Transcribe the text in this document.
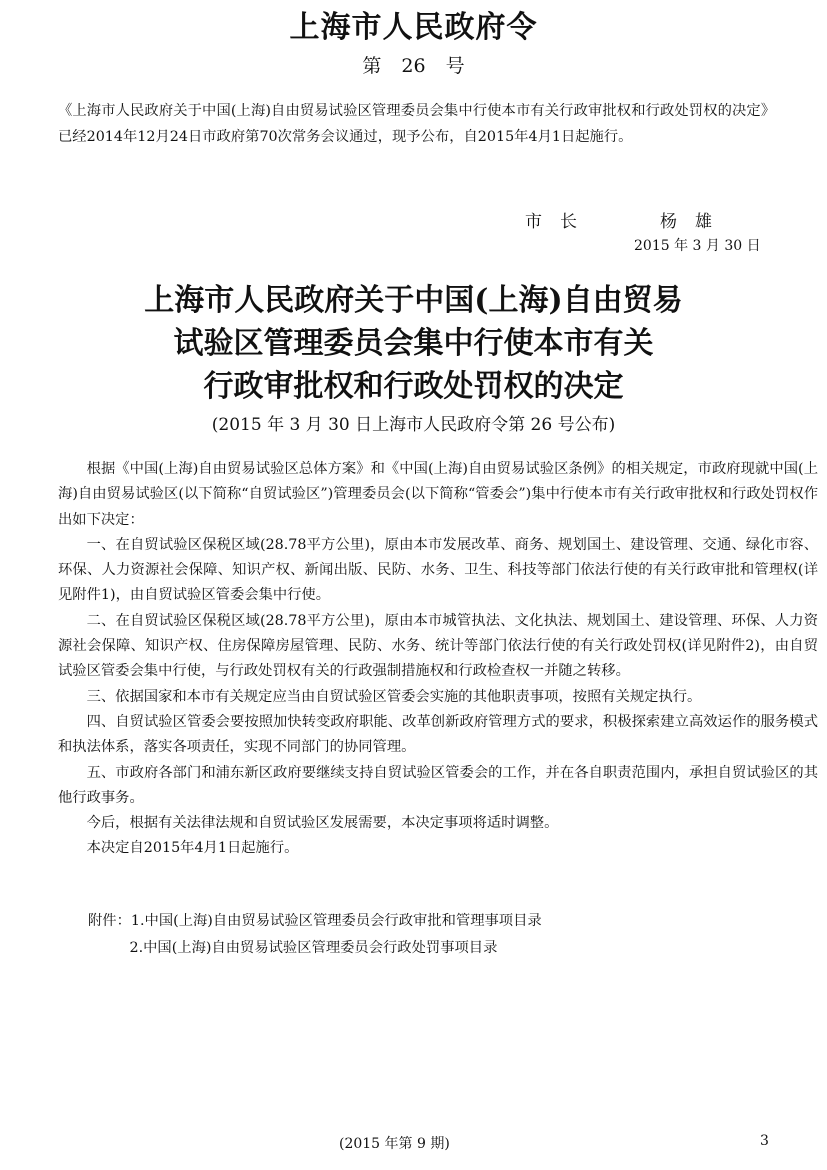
上海市人民政府令
第 26 号
《上海市人民政府关于中国(上海)自由贸易试验区管理委员会集中行使本市有关行政审批权和行政处罚权的决定》已经2014年12月24日市政府第70次常务会议通过，现予公布，自2015年4月1日起施行。
市长	杨雄
2015 年 3 月 30 日
上海市人民政府关于中国(上海)自由贸易
试验区管理委员会集中行使本市有关
行政审批权和行政处罚权的决定
(2015 年 3 月 30 日上海市人民政府令第 26 号公布)

根据《中国(上海)自由贸易试验区总体方案》和《中国(上海)自由贸易试验区条例》的相关规定，市政府现就中国(上海)自由贸易试验区(以下简称“自贸试验区”)管理委员会(以下简称“管委会”)集中行使本市有关行政审批权和行政处罚权作出如下决定：

一、在自贸试验区保税区域(28.78平方公里)，原由本市发展改革、商务、规划国土、建设管理、交通、绿化市容、环保、人力资源社会保障、知识产权、新闻出版、民防、水务、卫生、科技等部门依法行使的有关行政审批和管理权(详见附件1)，由自贸试验区管委会集中行使。

二、在自贸试验区保税区域(28.78平方公里)，原由本市城管执法、文化执法、规划国土、建设管理、环保、人力资源社会保障、知识产权、住房保障房屋管理、民防、水务、统计等部门依法行使的有关行政处罚权(详见附件2)，由自贸试验区管委会集中行使，与行政处罚权有关的行政强制措施权和行政检查权一并随之转移。

三、依据国家和本市有关规定应当由自贸试验区管委会实施的其他职责事项，按照有关规定执行。

四、自贸试验区管委会要按照加快转变政府职能、改革创新政府管理方式的要求，积极探索建立高效运作的服务模式和执法体系，落实各项责任，实现不同部门的协同管理。

五、市政府各部门和浦东新区政府要继续支持自贸试验区管委会的工作，并在各自职责范围内，承担自贸试验区的其他行政事务。

今后，根据有关法律法规和自贸试验区发展需要，本决定事项将适时调整。

本决定自2015年4月1日起施行。

附件：1.中国(上海)自由贸易试验区管理委员会行政审批和管理事项目录
2.中国(上海)自由贸易试验区管理委员会行政处罚事项目录
(2015 年第 9 期)	3
